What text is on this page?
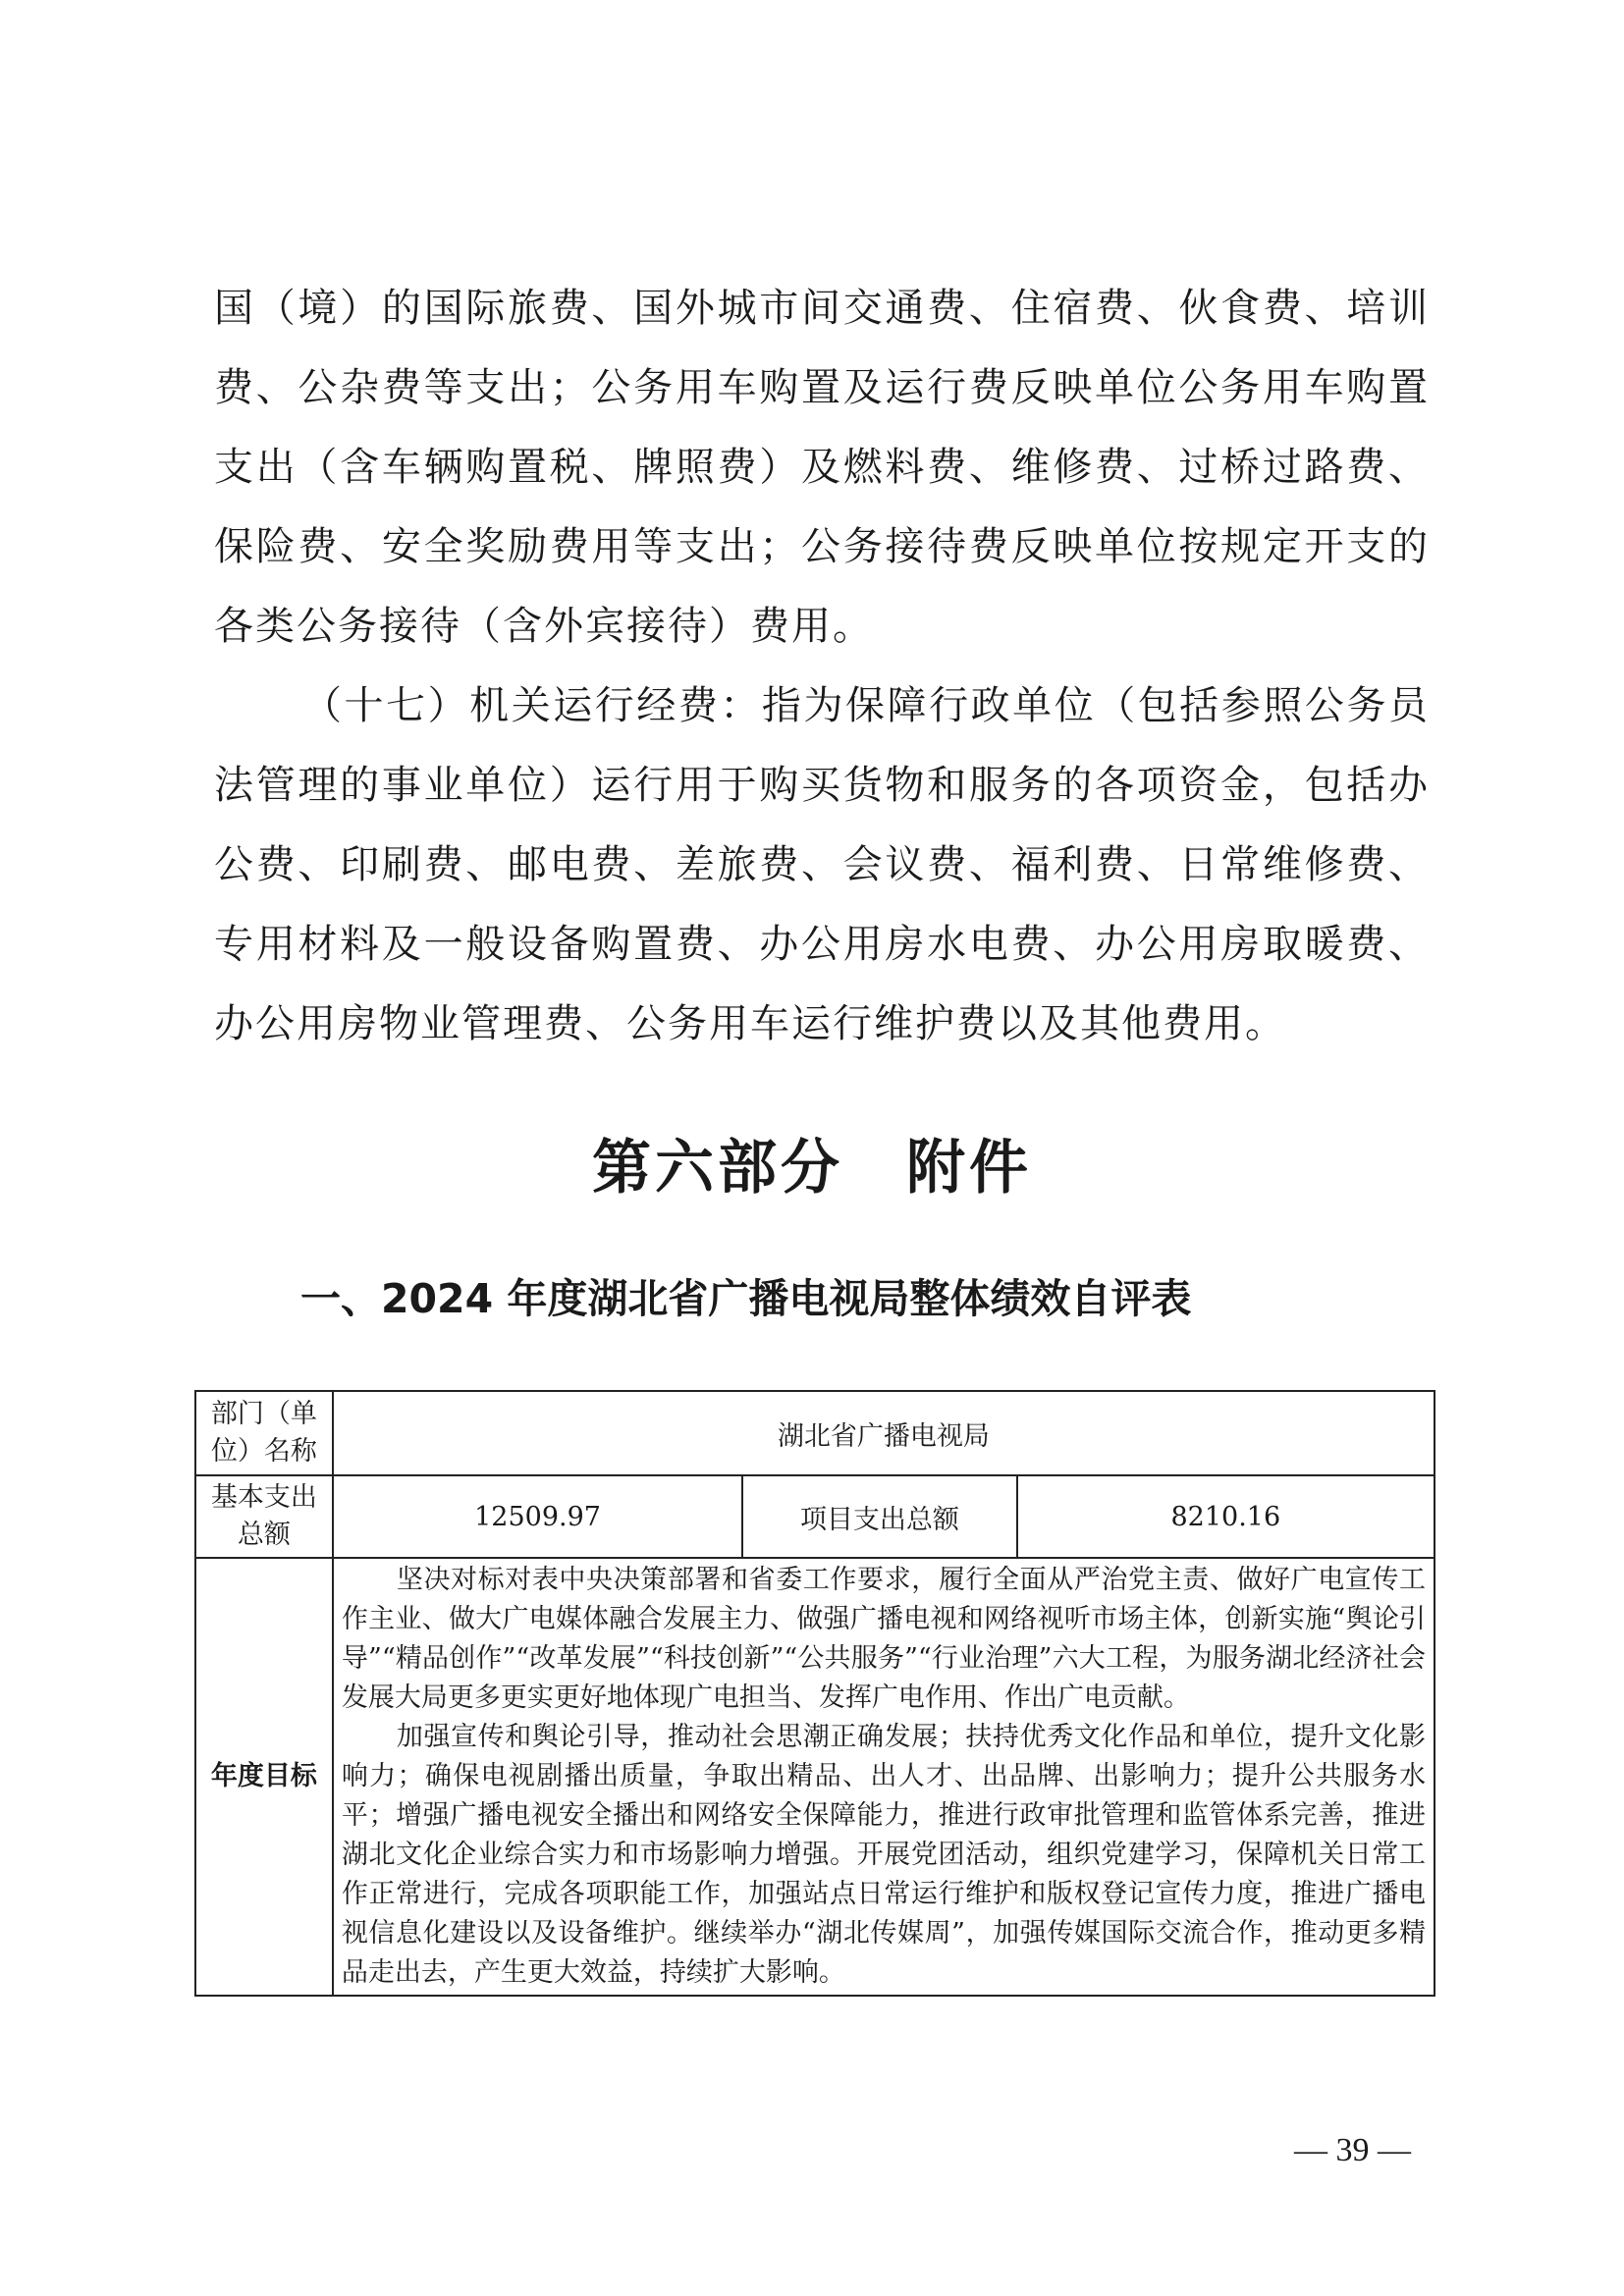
国（境）的国际旅费、国外城市间交通费、住宿费、伙食费、培训费、公杂费等支出；公务用车购置及运行费反映单位公务用车购置支出（含车辆购置税、牌照费）及燃料费、维修费、过桥过路费、保险费、安全奖励费用等支出；公务接待费反映单位按规定开支的各类公务接待（含外宾接待）费用。

（十七）机关运行经费：指为保障行政单位（包括参照公务员法管理的事业单位）运行用于购买货物和服务的各项资金，包括办公费、印刷费、邮电费、差旅费、会议费、福利费、日常维修费、专用材料及一般设备购置费、办公用房水电费、办公用房取暖费、办公用房物业管理费、公务用车运行维护费以及其他费用。

第六部分　附件
一、2024 年度湖北省广播电视局整体绩效自评表
部门（单位）名称	湖北省广播电视局		
基本支出总额	12509.97	项目支出总额	8210.16
年度目标	坚决对标对表中央决策部署和省委工作要求，履行全面从严治党主责、做好广电宣传工作主业、做大广电媒体融合发展主力、做强广播电视和网络视听市场主体，创新实施“舆论引导”“精品创作”“改革发展”“科技创新”“公共服务”“行业治理”六大工程，为服务湖北经济社会发展大局更多更实更好地体现广电担当、发挥广电作用、作出广电贡献。

加强宣传和舆论引导，推动社会思潮正确发展；扶持优秀文化作品和单位，提升文化影响力；确保电视剧播出质量，争取出精品、出人才、出品牌、出影响力；提升公共服务水平；增强广播电视安全播出和网络安全保障能力，推进行政审批管理和监管体系完善，推进湖北文化企业综合实力和市场影响力增强。开展党团活动，组织党建学习，保障机关日常工作正常进行，完成各项职能工作，加强站点日常运行维护和版权登记宣传力度，推进广播电视信息化建设以及设备维护。继续举办“湖北传媒周”，加强传媒国际交流合作，推动更多精品走出去，产生更大效益，持续扩大影响。		

— 39 —
